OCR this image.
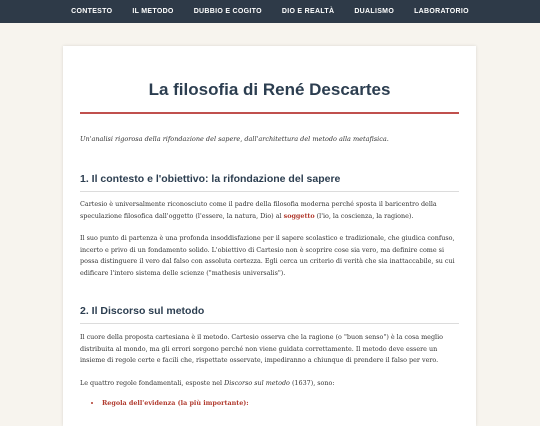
CONTESTO	IL METODO	DUBBIO E COGITO	DIO E REALTÀ	DUALISMO	LABORATORIO
La filosofia di René Descartes

Un'analisi rigorosa della rifondazione del sapere, dall'architettura del metodo alla metafisica.

1. Il contesto e l'obiettivo: la rifondazione del sapere

Cartesio è universalmente riconosciuto come il padre della filosofia moderna perché sposta il baricentro della speculazione filosofica dall'oggetto (l'essere, la natura, Dio) al soggetto (l'io, la coscienza, la ragione).

Il suo punto di partenza è una profonda insoddisfazione per il sapere scolastico e tradizionale, che giudica confuso, incerto e privo di un fondamento solido. L'obiettivo di Cartesio non è scoprire cose sia vero, ma definire come si possa distinguere il vero dal falso con assoluta certezza. Egli cerca un criterio di verità che sia inattaccabile, su cui edificare l'intero sistema delle scienze ("mathesis universalis").

2. Il Discorso sul metodo

Il cuore della proposta cartesiana è il metodo. Cartesio osserva che la ragione (o "buon senso") è la cosa meglio distribuita al mondo, ma gli errori sorgono perché non viene guidata correttamente. Il metodo deve essere un insieme di regole certe e facili che, rispettate osservate, impediranno a chiunque di prendere il falso per vero.

Le quattro regole fondamentali, esposte nel Discorso sul metodo (1637), sono:

• Regola dell'evidenza (la più importante):
